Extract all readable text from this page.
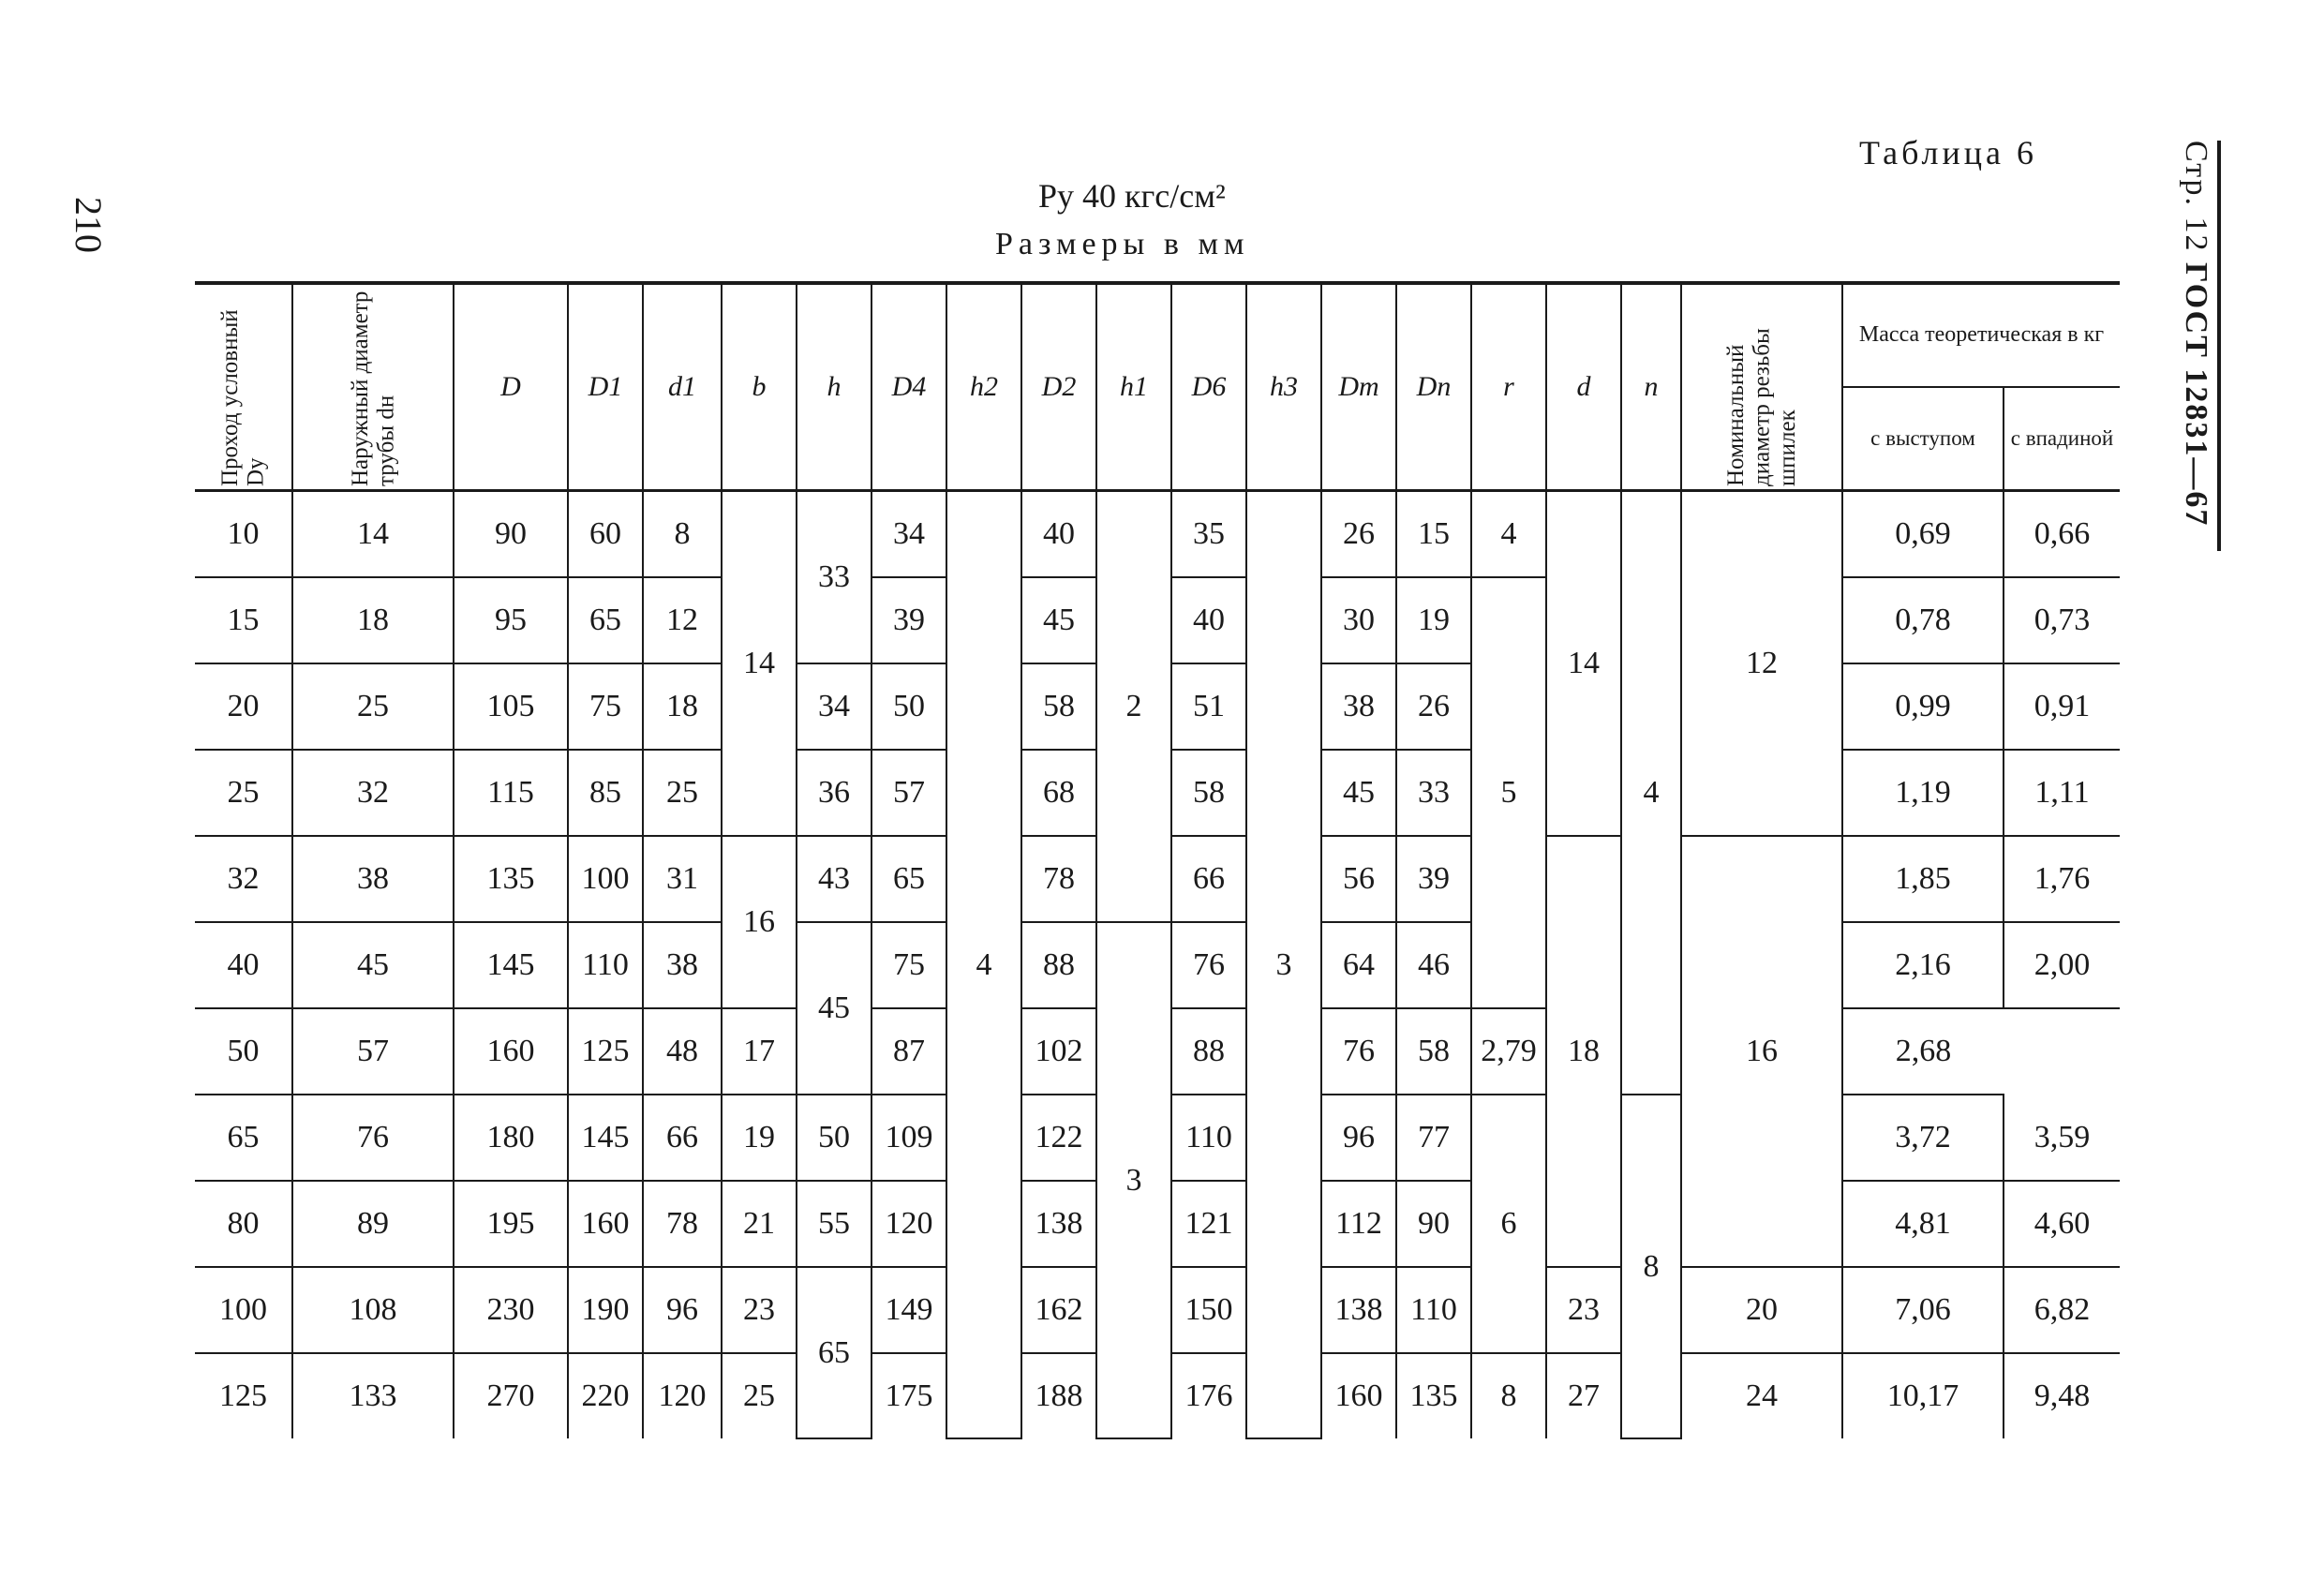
210
Таблица 6
Py 40 кгс/см²
Размеры в мм	Стр. 12 ГОСТ 12831—67
Проход условный Dy	Наружный диаметр трубы dн	D	D1	d1	b	h	D4	h2	D2	h1	D6	h3	Dm	Dn	r	d	n	Номинальный диаметр резьбы шпилек	Масса теоретическая в кг	
																			с выступом	с впадиной
10	14	90	60	8	14	33	34	4	40	2	35	3	26	15	4	14	4	12	0,69	0,66
15	18	95	65	12			39		45		40		30	19	5				0,78	0,73
20	25	105	75	18		34	50		58		51		38	26					0,99	0,91
25	32	115	85	25		36	57		68		58		45	33					1,19	1,11
32	38	135	100	31	16	43	65		78		66		56	39		18		16	1,85	1,76
40	45	145	110	38		45	75		88	3	76		64	46					2,16	2,00
50	57	160	125	48	17		87		102		88		76	58	2,79				2,68	
65	76	180	145	66	19	50	109		122		110		96	77	6		8		3,72	3,59
80	89	195	160	78	21	55	120		138		121		112	90					4,81	4,60
100	108	230	190	96	23	65	149		162		150		138	110		23		20	7,06	6,82
125	133	270	220	120	25		175		188		176		160	135	8	27		24	10,17	9,48
